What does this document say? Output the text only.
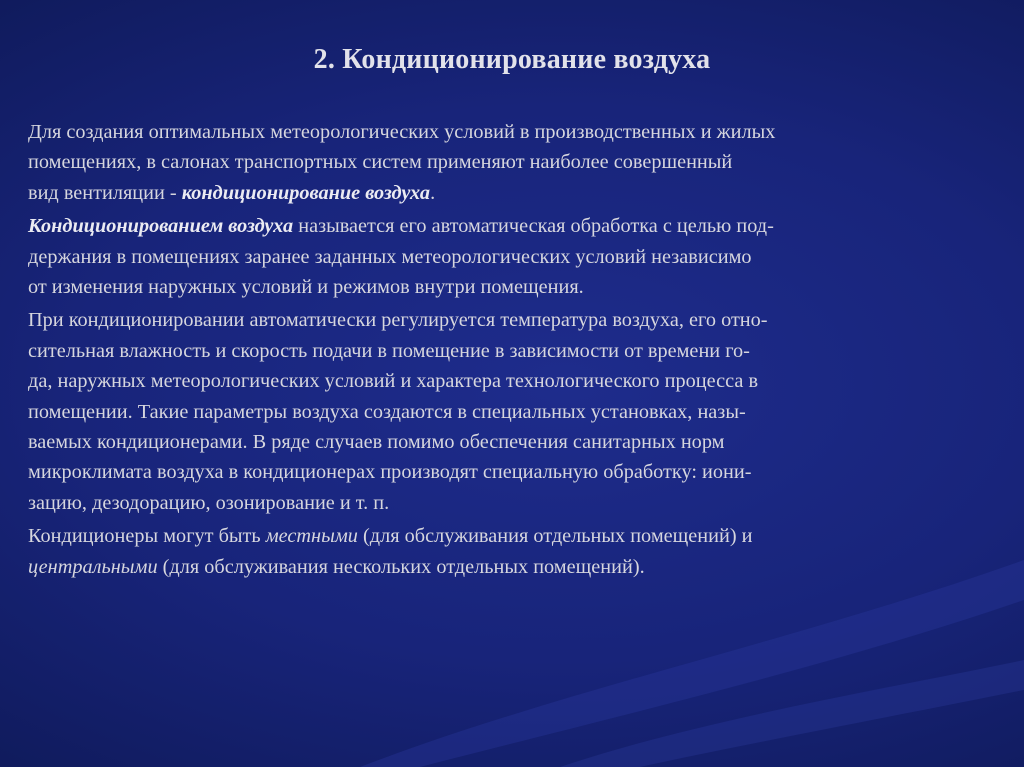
2. Кондиционирование воздуха

Для создания оптимальных метеорологических условий в производственных и жилых
помещениях, в салонах транспортных систем применяют наиболее совершенный
вид вентиляции - кондиционирование воздуха.

Кондиционированием воздуха называется его автоматическая обработка с целью под-
держания в помещениях заранее заданных метеорологических условий независимо
от изменения наружных условий и режимов внутри помещения.

При кондиционировании автоматически регулируется температура воздуха, его отно-
сительная влажность и скорость подачи в помещение в зависимости от времени го-
да, наружных метеорологических условий и характера технологического процесса в
помещении. Такие параметры воздуха создаются в специальных установках, назы-
ваемых кондиционерами. В ряде случаев помимо обеспечения санитарных норм
микроклимата воздуха в кондиционерах производят специальную обработку: иони-
зацию, дезодорацию, озонирование и т. п.

Кондиционеры могут быть местными (для обслуживания отдельных помещений) и
центральными (для обслуживания нескольких отдельных помещений).
